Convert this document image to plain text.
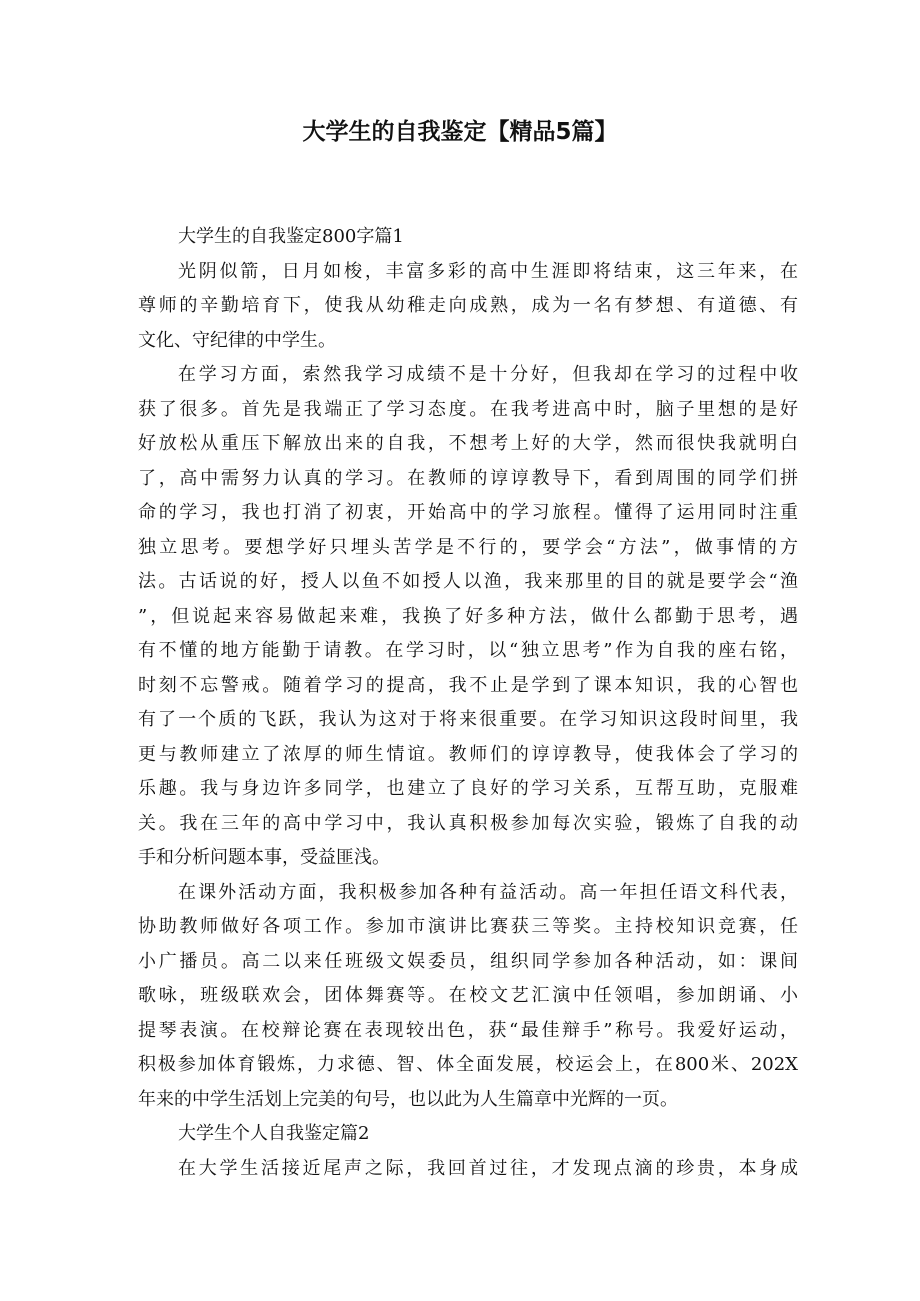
大学生的自我鉴定【精品5篇】
大学生的自我鉴定800字篇1
光阴似箭，日月如梭，丰富多彩的高中生涯即将结束，这三年来，在
尊师的辛勤培育下，使我从幼稚走向成熟，成为一名有梦想、有道德、有
文化、守纪律的中学生。
在学习方面，索然我学习成绩不是十分好，但我却在学习的过程中收
获了很多。首先是我端正了学习态度。在我考进高中时，脑子里想的是好
好放松从重压下解放出来的自我，不想考上好的大学，然而很快我就明白
了，高中需努力认真的学习。在教师的谆谆教导下，看到周围的同学们拼
命的学习，我也打消了初衷，开始高中的学习旅程。懂得了运用同时注重
独立思考。要想学好只埋头苦学是不行的，要学会“方法”，做事情的方
法。古话说的好，授人以鱼不如授人以渔，我来那里的目的就是要学会“渔
”，但说起来容易做起来难，我换了好多种方法，做什么都勤于思考，遇
有不懂的地方能勤于请教。在学习时，以“独立思考”作为自我的座右铭，
时刻不忘警戒。随着学习的提高，我不止是学到了课本知识，我的心智也
有了一个质的飞跃，我认为这对于将来很重要。在学习知识这段时间里，我
更与教师建立了浓厚的师生情谊。教师们的谆谆教导，使我体会了学习的
乐趣。我与身边许多同学，也建立了良好的学习关系，互帮互助，克服难
关。我在三年的高中学习中，我认真积极参加每次实验，锻炼了自我的动
手和分析问题本事，受益匪浅。
在课外活动方面，我积极参加各种有益活动。高一年担任语文科代表，
协助教师做好各项工作。参加市演讲比赛获三等奖。主持校知识竞赛，任
小广播员。高二以来任班级文娱委员，组织同学参加各种活动，如：课间
歌咏，班级联欢会，团体舞赛等。在校文艺汇演中任领唱，参加朗诵、小
提琴表演。在校辩论赛在表现较出色，获“最佳辩手”称号。我爱好运动，
积极参加体育锻炼，力求德、智、体全面发展，校运会上，在800米、202X
年来的中学生活划上完美的句号，也以此为人生篇章中光辉的一页。
大学生个人自我鉴定篇2
在大学生活接近尾声之际，我回首过往，才发现点滴的珍贵，本身成
